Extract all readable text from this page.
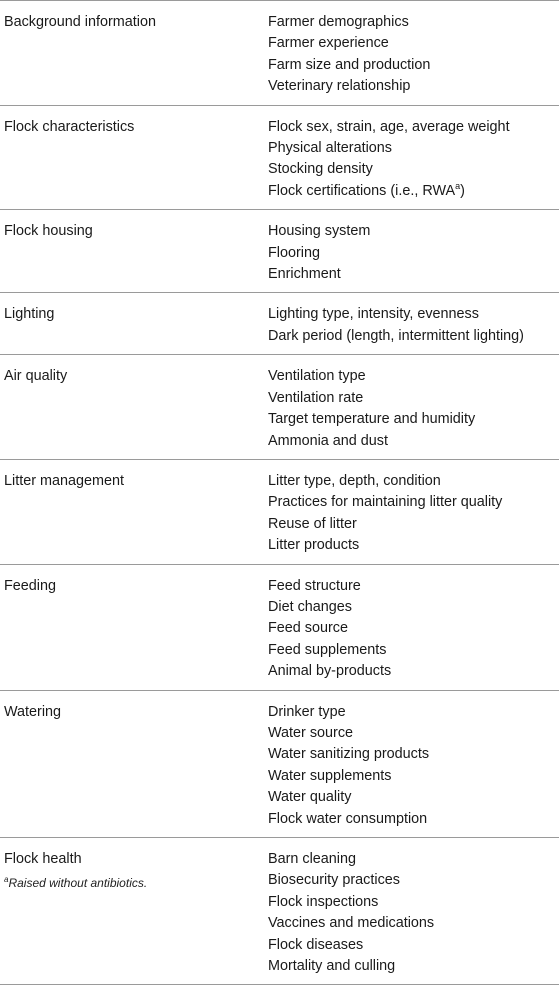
Background information	Farmer demographics
Farmer experience
Farm size and production
Veterinary relationship
Flock characteristics	Flock sex, strain, age, average weight
Physical alterations
Stocking density
Flock certifications (i.e., RWA$^a$)
Flock housing	Housing system
Flooring
Enrichment
Lighting	Lighting type, intensity, evenness
Dark period (length, intermittent lighting)
Air quality	Ventilation type
Ventilation rate
Target temperature and humidity
Ammonia and dust
Litter management	Litter type, depth, condition
Practices for maintaining litter quality
Reuse of litter
Litter products
Feeding	Feed structure
Diet changes
Feed source
Feed supplements
Animal by-products
Watering	Drinker type
Water source
Water sanitizing products
Water supplements
Water quality
Flock water consumption
Flock health	Barn cleaning
Biosecurity practices
Flock inspections
Vaccines and medications
Flock diseases
Mortality and culling
$^a$Raised without antibiotics.
